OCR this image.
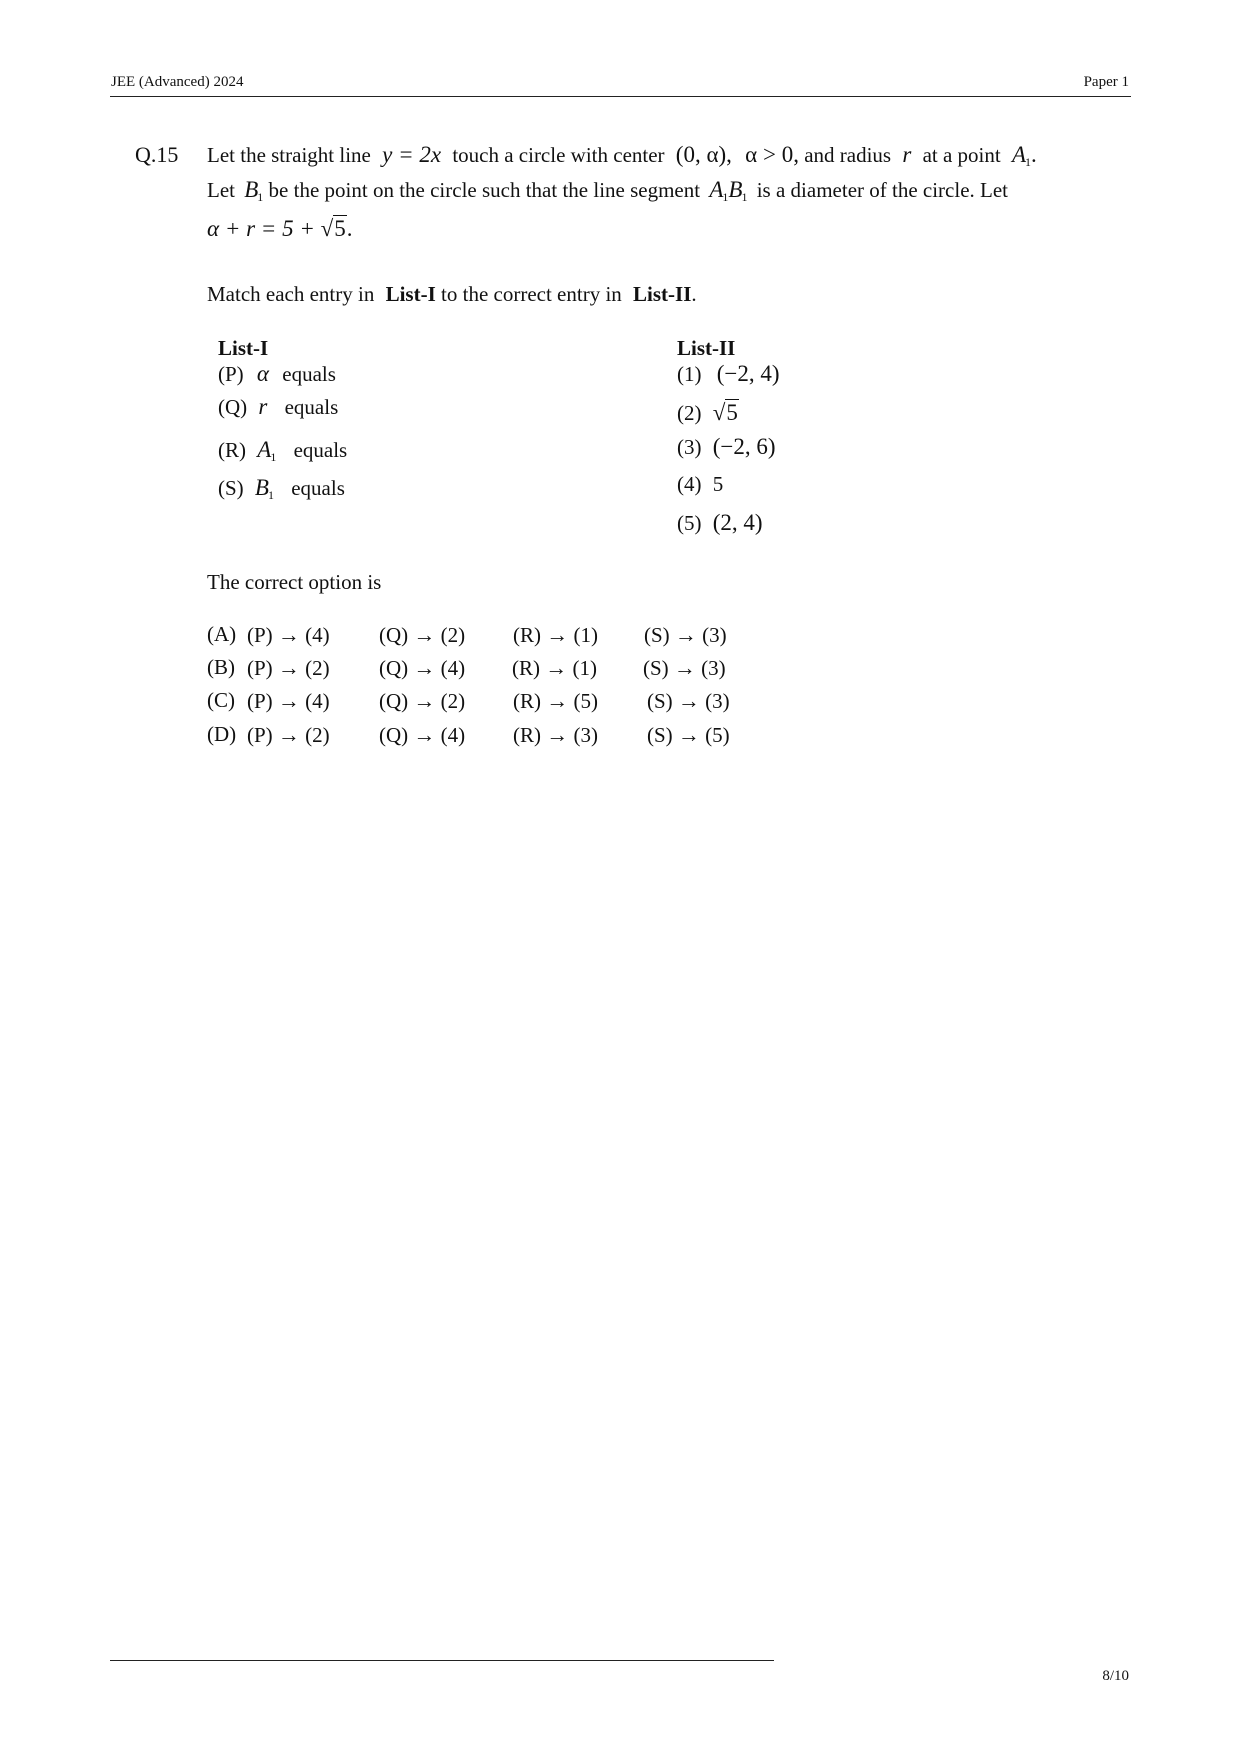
JEE (Advanced) 2024	Paper 1
Q.15 Let the straight line y = 2x touch a circle with center (0, α), α > 0, and radius r at a point $A_1$.
Let $B_1$ be the point on the circle such that the line segment $A_1B_1$ is a diameter of the circle. Let
α + r = 5 + √5.
Match each entry in List-I to the correct entry in List-II.
List-I
(P) α equals
(Q) r equals
(R) $A_1$ equals
(S) $B_1$ equals
List-II
(1) (−2, 4)
(2) √5
(3) (−2, 6)
(4) 5
(5) (2, 4)
The correct option is
(A) (P) → (4) (Q) → (2) (R) → (1) (S) → (3)
(B) (P) → (2) (Q) → (4) (R) → (1) (S) → (3)
(C) (P) → (4) (Q) → (2) (R) → (5) (S) → (3)
(D) (P) → (2) (Q) → (4) (R) → (3) (S) → (5)
8/10
